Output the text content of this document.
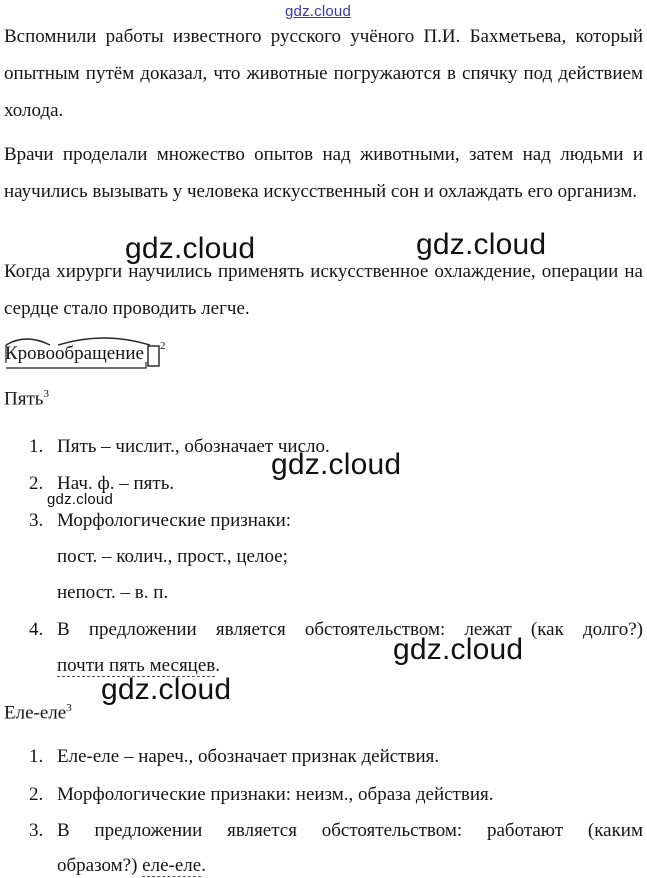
gdz.cloud

Вспомнили работы известного русского учёного П.И. Бахметьева, который опытным путём доказал, что животные погружаются в спячку под действием холода.

Врачи проделали множество опытов над животными, затем над людьми и научились вызывать у человека искусственный сон и охлаждать его организм.

Когда хирурги научились применять искусственное охлаждение, операции на сердце стало проводить легче.

Кровообращение 2
Пять$^3$
1. Пять – числит., обозначает число.
2. Нач. ф. – пять.
3. Морфологические признаки:
пост. – колич., прост., целое;
непост. – в. п.
4. В предложении является обстоятельством: лежат (как долго?)
почти пять месяцев.
Еле-еле$^3$
1. Еле-еле – нареч., обозначает признак действия.
2. Морфологические признаки: неизм., образа действия.
3. В предложении является обстоятельством: работают (каким
образом?) еле-еле.
gdz.cloud	gdz.cloud
gdz.cloud
gdz.cloud
gdz.cloud
gdz.cloud
